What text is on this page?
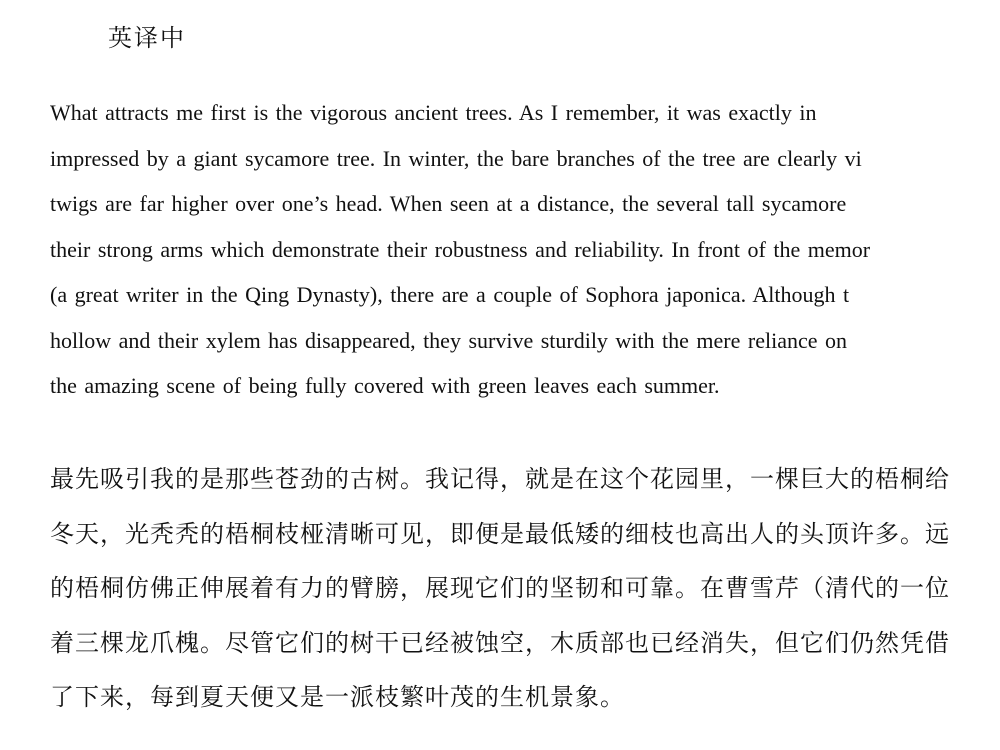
英译中
What attracts me first is the vigorous ancient trees. As I remember, it was exactly in
impressed by a giant sycamore tree. In winter, the bare branches of the tree are clearly vi
twigs are far higher over one’s head. When seen at a distance, the several tall sycamore
their strong arms which demonstrate their robustness and reliability. In front of the memor
(a great writer in the Qing Dynasty), there are a couple of Sophora japonica. Although t
hollow and their xylem has disappeared, they survive sturdily with the mere reliance on
the amazing scene of being fully covered with green leaves each summer.
最先吸引我的是那些苍劲的古树。我记得，就是在这个花园里，一棵巨大的梧桐给
冬天，光秃秃的梧桐枝桠清晰可见，即便是最低矮的细枝也高出人的头顶许多。远
的梧桐仿佛正伸展着有力的臂膀，展现它们的坚韧和可靠。在曹雪芹（清代的一位
着三棵龙爪槐。尽管它们的树干已经被蚀空，木质部也已经消失，但它们仍然凭借
了下来，每到夏天便又是一派枝繁叶茂的生机景象。
